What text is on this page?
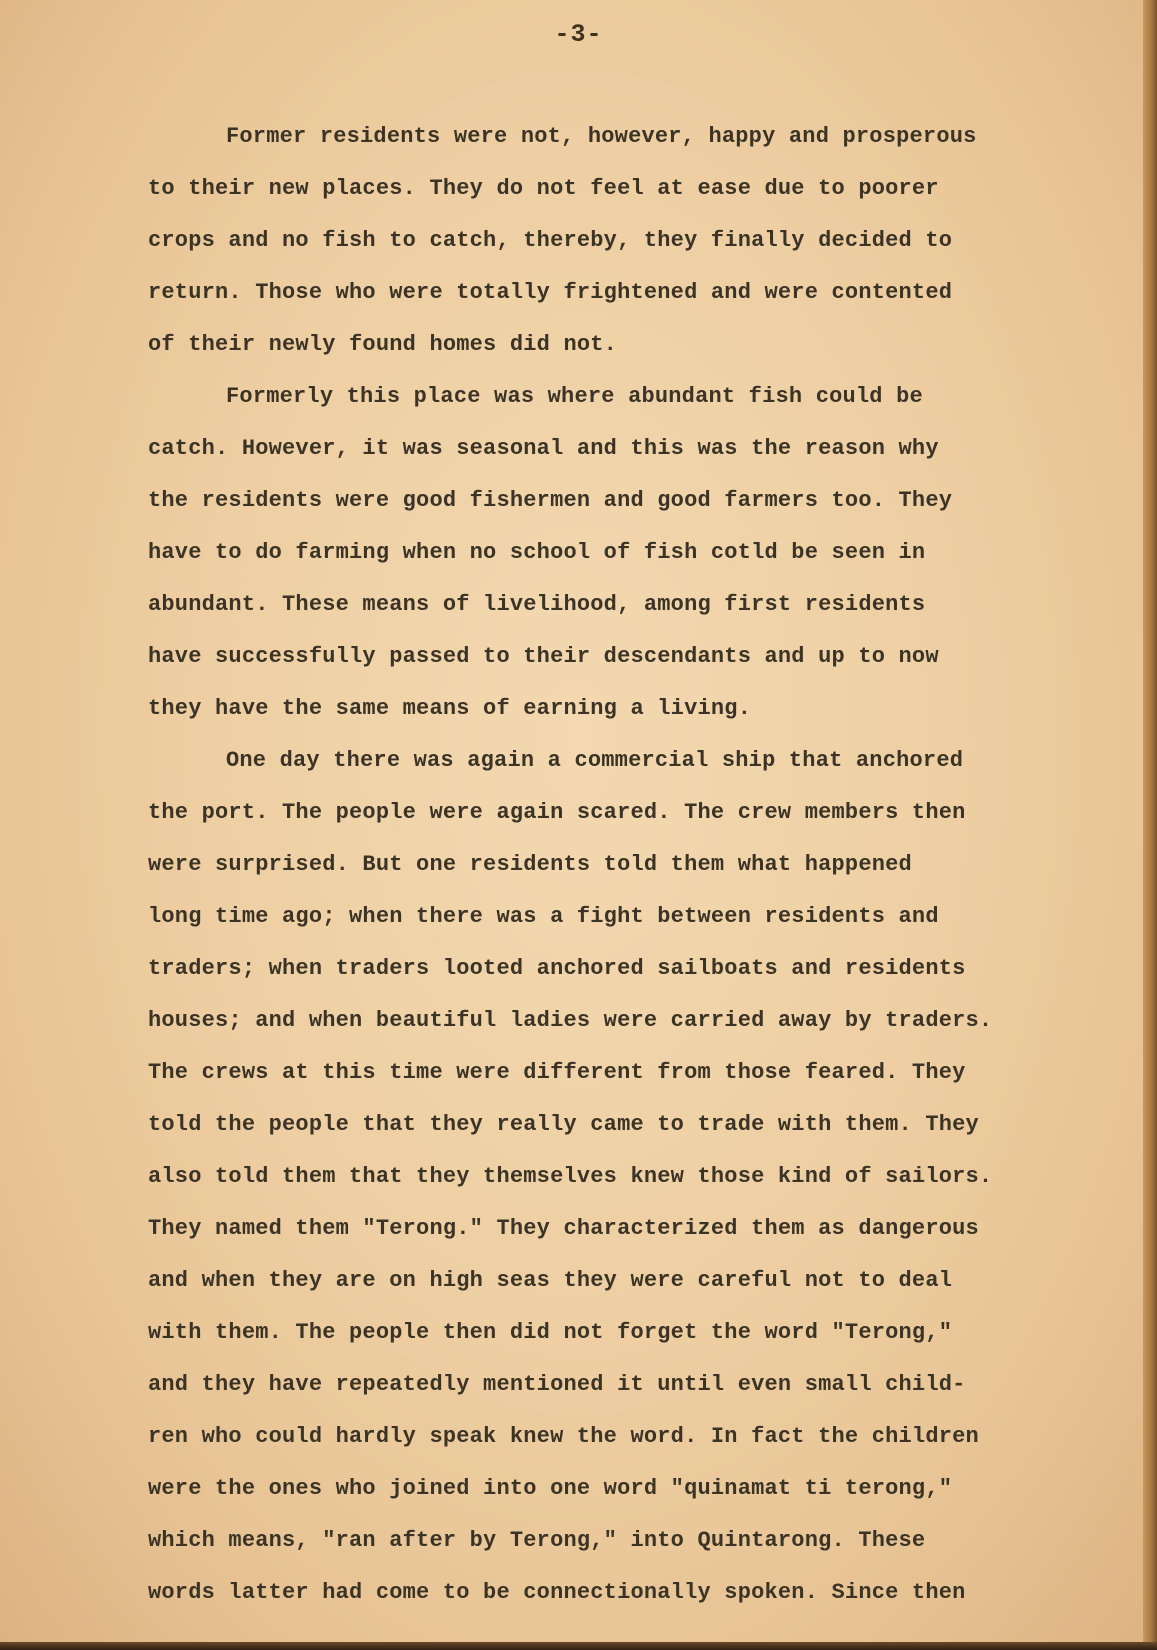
-3-
Former residents were not, however, happy and prosperous
to their new places. They do not feel at ease due to poorer
crops and no fish to catch, thereby, they finally decided to
return. Those who were totally frightened and were contented
of their newly found homes did not.
Formerly this place was where abundant fish could be
catch. However, it was seasonal and this was the reason why
the residents were good fishermen and good farmers too. They
have to do farming when no school of fish cotld be seen in
abundant. These means of livelihood, among first residents
have successfully passed to their descendants and up to now
they have the same means of earning a living.
One day there was again a commercial ship that anchored
the port. The people were again scared. The crew members then
were surprised. But one residents told them what happened
long time ago; when there was a fight between residents and
traders; when traders looted anchored sailboats and residents
houses; and when beautiful ladies were carried away by traders.
The crews at this time were different from those feared. They
told the people that they really came to trade with them. They
also told them that they themselves knew those kind of sailors.
They named them "Terong." They characterized them as dangerous
and when they are on high seas they were careful not to deal
with them. The people then did not forget the word "Terong,"
and they have repeatedly mentioned it until even small child-
ren who could hardly speak knew the word. In fact the children
were the ones who joined into one word "quinamat ti terong,"
which means, "ran after by Terong," into Quintarong. These
words latter had come to be connectionally spoken. Since then
